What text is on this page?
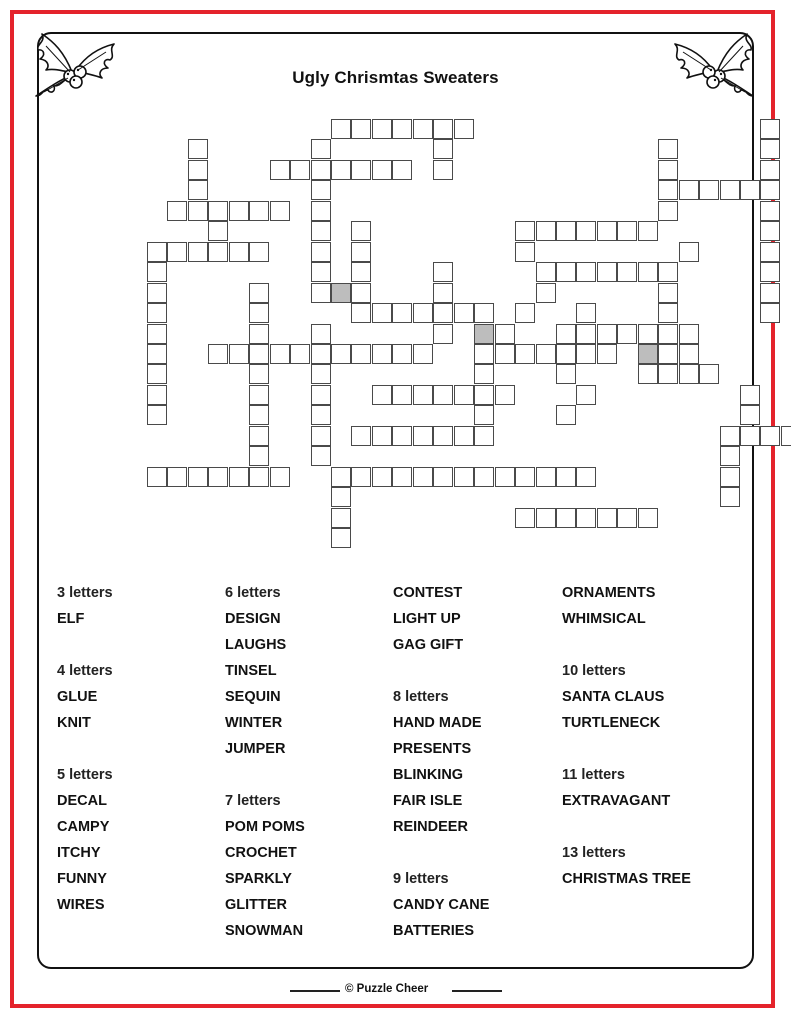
Ugly Chrismtas Sweaters
3 letters
ELF
4 letters
GLUE
KNIT
5 letters
DECAL
CAMPY
ITCHY
FUNNY
WIRES
6 letters
DESIGN
LAUGHS
TINSEL
SEQUIN
WINTER
JUMPER
7 letters
POM POMS
CROCHET
SPARKLY
GLITTER
SNOWMAN
CONTEST
LIGHT UP
GAG GIFT
8 letters
HAND MADE
PRESENTS
BLINKING
FAIR ISLE
REINDEER
9 letters
CANDY CANE
BATTERIES
ORNAMENTS
WHIMSICAL
10 letters
SANTA CLAUS
TURTLENECK
11 letters
EXTRAVAGANT
13 letters
CHRISTMAS TREE
© Puzzle Cheer
